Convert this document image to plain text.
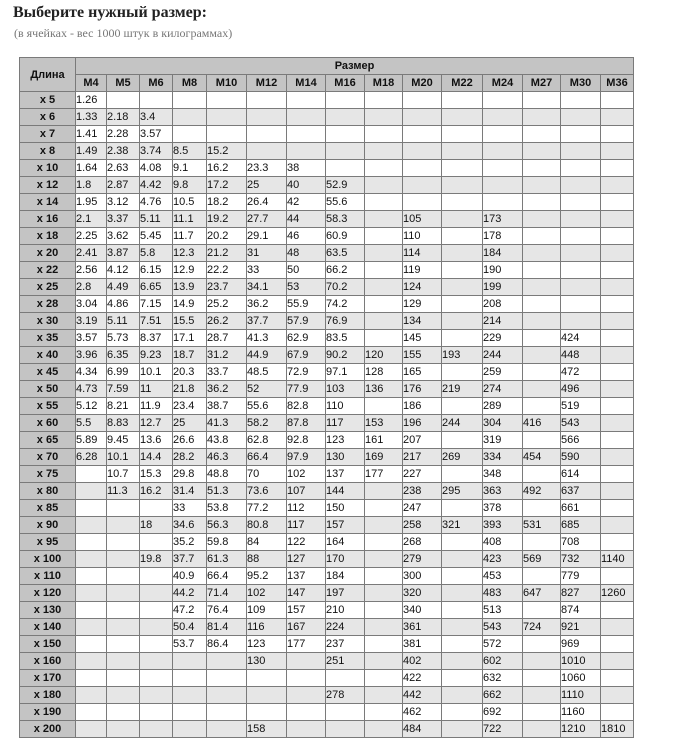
Выберите нужный размер:
(в ячейках - вес 1000 штук в килограммах)
Длина	Размер														
	M4	M5	M6	M8	M10	M12	M14	M16	M18	M20	M22	M24	M27	M30	M36
x 5	1.26														
x 6	1.33	2.18	3.4												
x 7	1.41	2.28	3.57												
x 8	1.49	2.38	3.74	8.5	15.2										
x 10	1.64	2.63	4.08	9.1	16.2	23.3	38								
x 12	1.8	2.87	4.42	9.8	17.2	25	40	52.9							
x 14	1.95	3.12	4.76	10.5	18.2	26.4	42	55.6							
x 16	2.1	3.37	5.11	11.1	19.2	27.7	44	58.3		105		173			
x 18	2.25	3.62	5.45	11.7	20.2	29.1	46	60.9		110		178			
x 20	2.41	3.87	5.8	12.3	21.2	31	48	63.5		114		184			
x 22	2.56	4.12	6.15	12.9	22.2	33	50	66.2		119		190			
x 25	2.8	4.49	6.65	13.9	23.7	34.1	53	70.2		124		199			
x 28	3.04	4.86	7.15	14.9	25.2	36.2	55.9	74.2		129		208			
x 30	3.19	5.11	7.51	15.5	26.2	37.7	57.9	76.9		134		214			
x 35	3.57	5.73	8.37	17.1	28.7	41.3	62.9	83.5		145		229		424	
x 40	3.96	6.35	9.23	18.7	31.2	44.9	67.9	90.2	120	155	193	244		448	
x 45	4.34	6.99	10.1	20.3	33.7	48.5	72.9	97.1	128	165		259		472	
x 50	4.73	7.59	11	21.8	36.2	52	77.9	103	136	176	219	274		496	
x 55	5.12	8.21	11.9	23.4	38.7	55.6	82.8	110		186		289		519	
x 60	5.5	8.83	12.7	25	41.3	58.2	87.8	117	153	196	244	304	416	543	
x 65	5.89	9.45	13.6	26.6	43.8	62.8	92.8	123	161	207		319		566	
x 70	6.28	10.1	14.4	28.2	46.3	66.4	97.9	130	169	217	269	334	454	590	
x 75		10.7	15.3	29.8	48.8	70	102	137	177	227		348		614	
x 80		11.3	16.2	31.4	51.3	73.6	107	144		238	295	363	492	637	
x 85				33	53.8	77.2	112	150		247		378		661	
x 90			18	34.6	56.3	80.8	117	157		258	321	393	531	685	
x 95				35.2	59.8	84	122	164		268		408		708	
x 100			19.8	37.7	61.3	88	127	170		279		423	569	732	1140
x 110				40.9	66.4	95.2	137	184		300		453		779	
x 120				44.2	71.4	102	147	197		320		483	647	827	1260
x 130				47.2	76.4	109	157	210		340		513		874	
x 140				50.4	81.4	116	167	224		361		543	724	921	
x 150				53.7	86.4	123	177	237		381		572		969	
x 160						130		251		402		602		1010	
x 170										422		632		1060	
x 180								278		442		662		1110	
x 190										462		692		1160	
x 200						158				484		722		1210	1810
